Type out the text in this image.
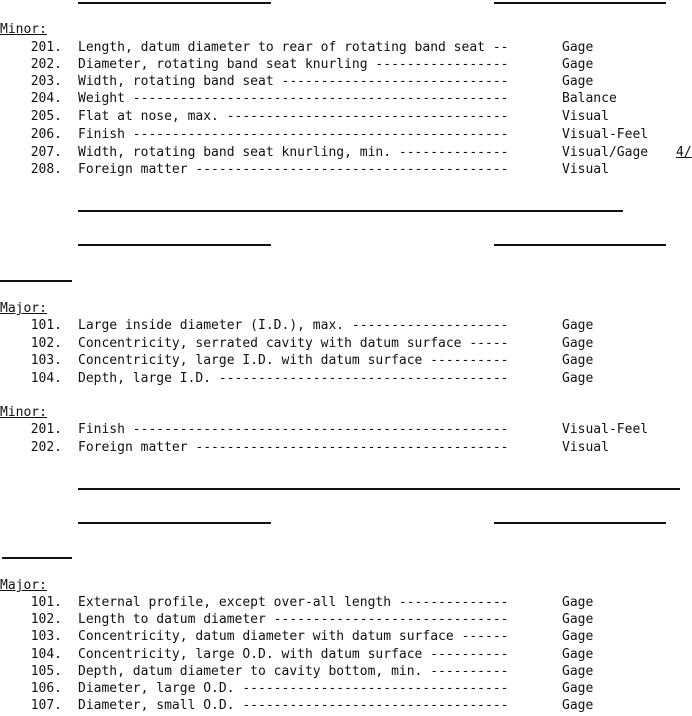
Minor:
201. Length, datum diameter to rear of rotating band seat --	Gage
202. Diameter, rotating band seat knurling -----------------	Gage
203. Width, rotating band seat -----------------------------	Gage
204. Weight ------------------------------------------------	Balance
205. Flat at nose, max. ------------------------------------	Visual
206. Finish ------------------------------------------------	Visual-Feel
207. Width, rotating band seat knurling, min. --------------	Visual/Gage 4/
208. Foreign matter ----------------------------------------	Visual
Major:
101. Large inside diameter (I.D.), max. --------------------	Gage
102. Concentricity, serrated cavity with datum surface -----	Gage
103. Concentricity, large I.D. with datum surface ----------	Gage
104. Depth, large I.D. -------------------------------------	Gage
Minor:
201. Finish ------------------------------------------------	Visual-Feel
202. Foreign matter ----------------------------------------	Visual
Major:
101. External profile, except over-all length --------------	Gage
102. Length to datum diameter ------------------------------	Gage
103. Concentricity, datum diameter with datum surface ------	Gage
104. Concentricity, large O.D. with datum surface ----------	Gage
105. Depth, datum diameter to cavity bottom, min. ----------	Gage
106. Diameter, large O.D. ----------------------------------	Gage
107. Diameter, small O.D. ----------------------------------	Gage
